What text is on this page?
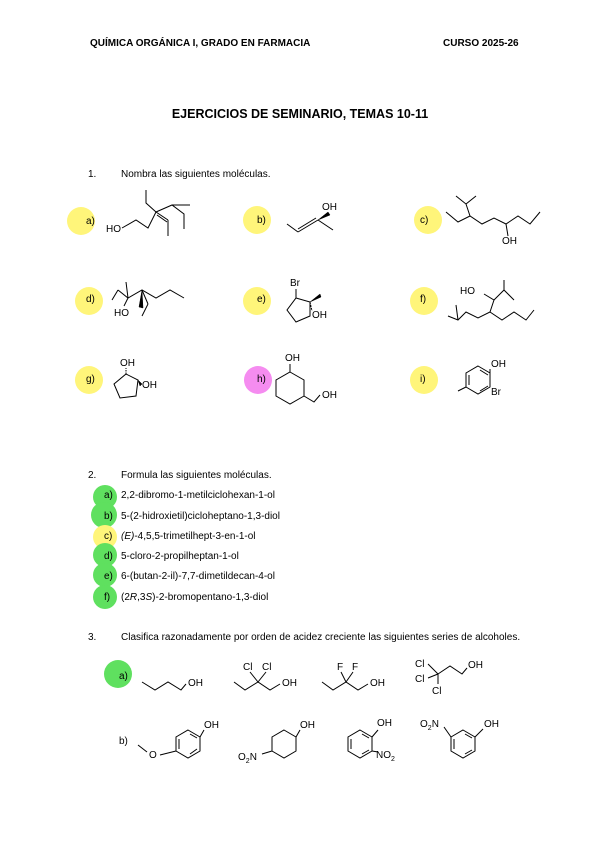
QUÍMICA ORGÁNICA I, GRADO EN FARMACIA	CURSO 2025-26
EJERCICIOS DE SEMINARIO, TEMAS 10-11
1. Nombra las siguientes moléculas.
a)	b)	c)
d)	e)	f)
g)	h)	i)
HO
OH
OH
HO
Br
OH
HO
OH
OH
OH
OH
OH
Br
2. Formula las siguientes moléculas.
a) 2,2-dibromo-1-metilciclohexan-1-ol
b) 5-(2-hidroxietil)cicloheptano-1,3-diol
c) (E)-4,5,5-trimetilhept-3-en-1-ol
d) 5-cloro-2-propilheptan-1-ol
e) 6-(butan-2-il)-7,7-dimetildecan-4-ol
f) (2R,3S)-2-bromopentano-1,3-diol
3. Clasifica razonadamente por orden de acidez creciente las siguientes series de alcoholes.
a)
b)
OH
Cl Cl
OH
F F
OH
Cl
Cl
Cl
OH
OH
O
OH
$O_2N$
OH
$NO_2$
$O_2N$	OH
